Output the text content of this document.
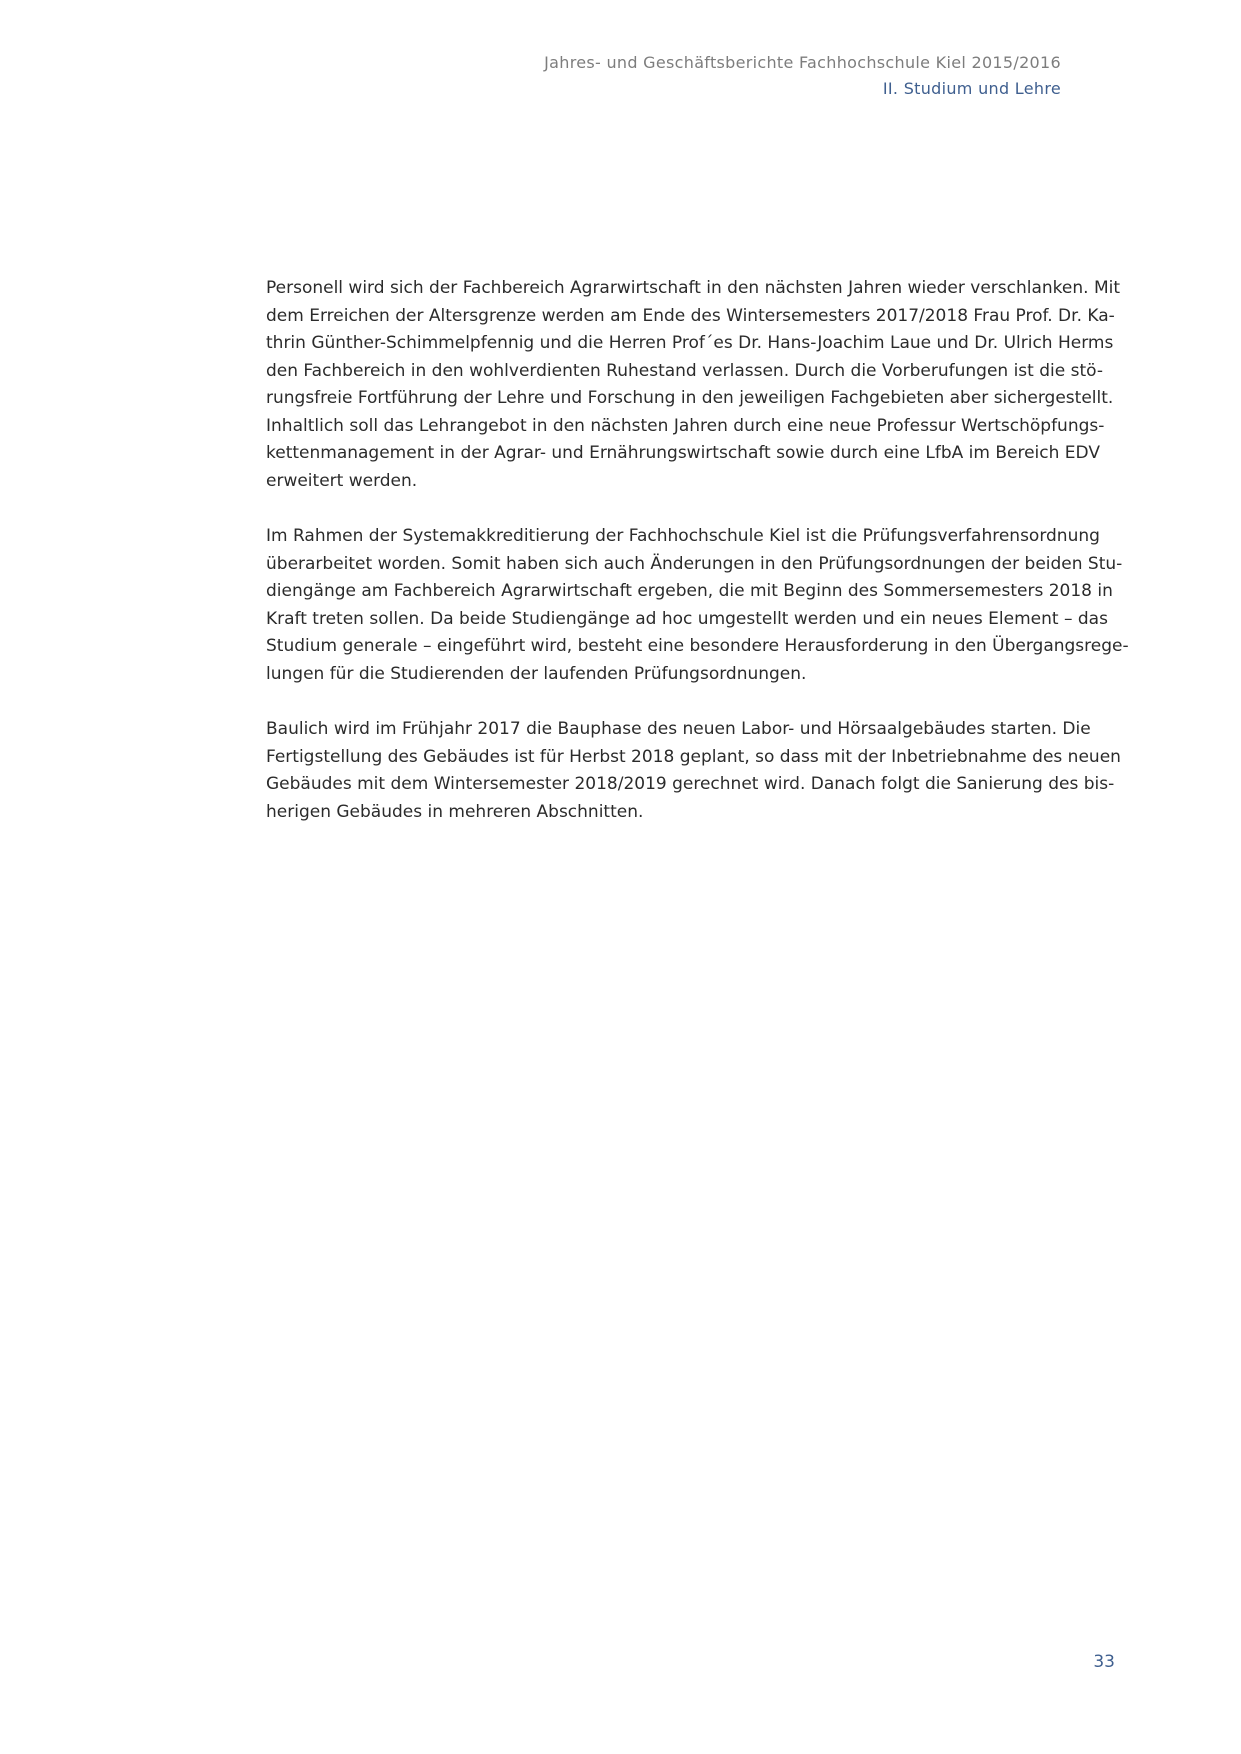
Jahres- und Geschäftsberichte Fachhochschule Kiel 2015/2016
II. Studium und Lehre

Personell wird sich der Fachbereich Agrarwirtschaft in den nächsten Jahren wieder verschlanken. Mit
dem Erreichen der Altersgrenze werden am Ende des Wintersemesters 2017/2018 Frau Prof. Dr. Ka-
thrin Günther-Schimmelpfennig und die Herren Prof´es Dr. Hans-Joachim Laue und Dr. Ulrich Herms
den Fachbereich in den wohlverdienten Ruhestand verlassen. Durch die Vorberufungen ist die stö-
rungsfreie Fortführung der Lehre und Forschung in den jeweiligen Fachgebieten aber sichergestellt.
Inhaltlich soll das Lehrangebot in den nächsten Jahren durch eine neue Professur Wertschöpfungs-
kettenmanagement in der Agrar- und Ernährungswirtschaft sowie durch eine LfbA im Bereich EDV
erweitert werden.

Im Rahmen der Systemakkreditierung der Fachhochschule Kiel ist die Prüfungsverfahrensordnung
überarbeitet worden. Somit haben sich auch Änderungen in den Prüfungsordnungen der beiden Stu-
diengänge am Fachbereich Agrarwirtschaft ergeben, die mit Beginn des Sommersemesters 2018 in
Kraft treten sollen. Da beide Studiengänge ad hoc umgestellt werden und ein neues Element – das
Studium generale – eingeführt wird, besteht eine besondere Herausforderung in den Übergangsrege-
lungen für die Studierenden der laufenden Prüfungsordnungen.

Baulich wird im Frühjahr 2017 die Bauphase des neuen Labor- und Hörsaalgebäudes starten. Die
Fertigstellung des Gebäudes ist für Herbst 2018 geplant, so dass mit der Inbetriebnahme des neuen
Gebäudes mit dem Wintersemester 2018/2019 gerechnet wird. Danach folgt die Sanierung des bis-
herigen Gebäudes in mehreren Abschnitten.

33
